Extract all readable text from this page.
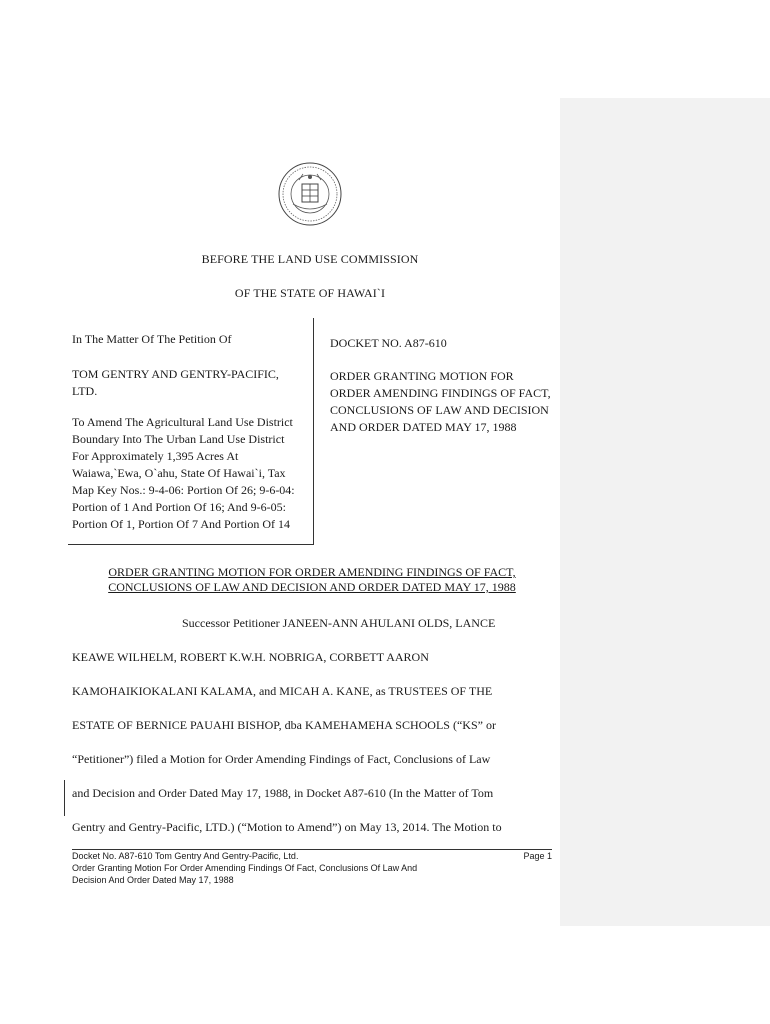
BEFORE THE LAND USE COMMISSION
OF THE STATE OF HAWAI`I

In The Matter Of The Petition Of

TOM GENTRY AND GENTRY-PACIFIC, LTD.

To Amend The Agricultural Land Use District Boundary Into The Urban Land Use District For Approximately 1,395 Acres At Waiawa,`Ewa, O`ahu, State Of Hawai`i, Tax Map Key Nos.: 9-4-06: Portion Of 26; 9-6-04: Portion of 1 And Portion Of 16; And 9-6-05: Portion Of 1, Portion Of 7 And Portion Of 14

DOCKET NO. A87-610

ORDER GRANTING MOTION FOR ORDER AMENDING FINDINGS OF FACT, CONCLUSIONS OF LAW AND DECISION AND ORDER DATED MAY 17, 1988

ORDER GRANTING MOTION FOR ORDER AMENDING FINDINGS OF FACT,
CONCLUSIONS OF LAW AND DECISION AND ORDER DATED MAY 17, 1988
Successor Petitioner JANEEN-ANN AHULANI OLDS, LANCE
KEAWE WILHELM, ROBERT K.W.H. NOBRIGA, CORBETT AARON
KAMOHAIKIOKALANI KALAMA, and MICAH A. KANE, as TRUSTEES OF THE
ESTATE OF BERNICE PAUAHI BISHOP, dba KAMEHAMEHA SCHOOLS (“KS” or
“Petitioner”) filed a Motion for Order Amending Findings of Fact, Conclusions of Law
and Decision and Order Dated May 17, 1988, in Docket A87-610 (In the Matter of Tom
Gentry and Gentry-Pacific, LTD.) (“Motion to Amend”) on May 13, 2014. The Motion to
Docket No. A87-610 Tom Gentry And Gentry-Pacific, Ltd.	Page 1
Order Granting Motion For Order Amending Findings Of Fact, Conclusions Of Law And
Decision And Order Dated May 17, 1988
